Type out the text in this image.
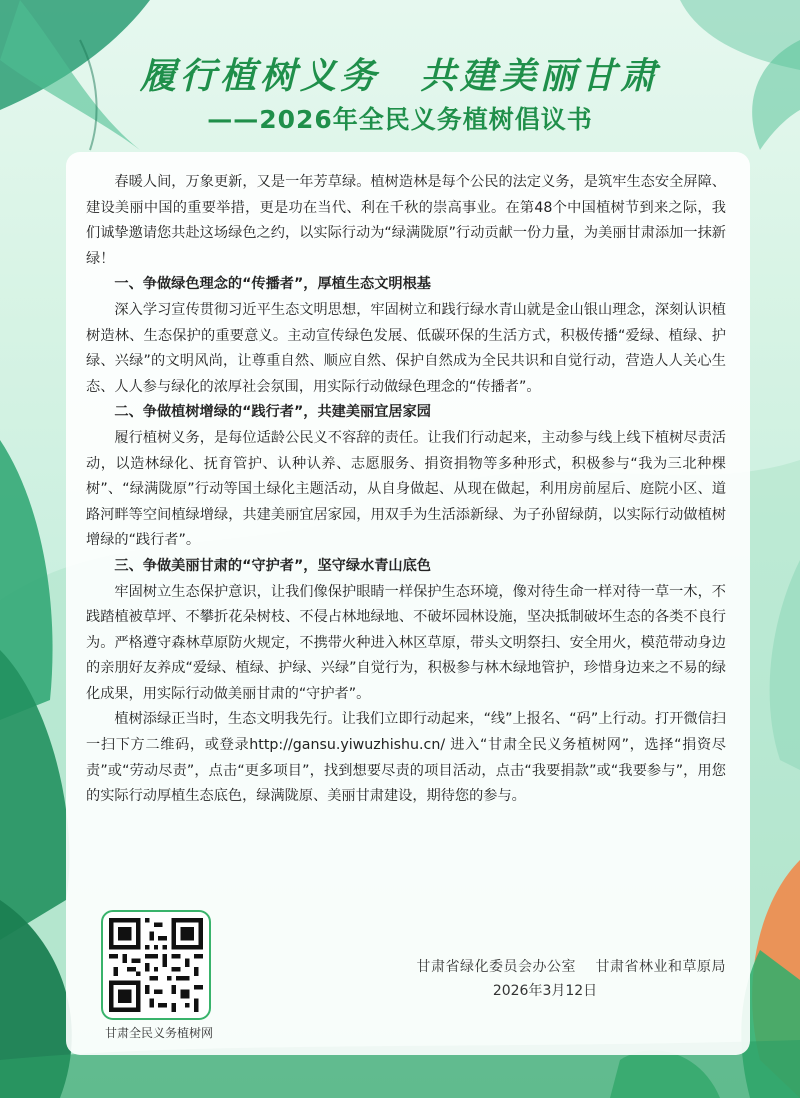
履行植树义务　共建美丽甘肃
——2026年全民义务植树倡议书

春暖人间，万象更新，又是一年芳草绿。植树造林是每个公民的法定义务，是筑牢生态安全屏障、建设美丽中国的重要举措，更是功在当代、利在千秋的崇高事业。在第48个中国植树节到来之际，我们诚挚邀请您共赴这场绿色之约，以实际行动为“绿满陇原”行动贡献一份力量，为美丽甘肃添加一抹新绿！

一、争做绿色理念的“传播者”，厚植生态文明根基

深入学习宣传贯彻习近平生态文明思想，牢固树立和践行绿水青山就是金山银山理念，深刻认识植树造林、生态保护的重要意义。主动宣传绿色发展、低碳环保的生活方式，积极传播“爱绿、植绿、护绿、兴绿”的文明风尚，让尊重自然、顺应自然、保护自然成为全民共识和自觉行动，营造人人关心生态、人人参与绿化的浓厚社会氛围，用实际行动做绿色理念的“传播者”。

二、争做植树增绿的“践行者”，共建美丽宜居家园

履行植树义务，是每位适龄公民义不容辞的责任。让我们行动起来，主动参与线上线下植树尽责活动，以造林绿化、抚育管护、认种认养、志愿服务、捐资捐物等多种形式，积极参与“我为三北种棵树”、“绿满陇原”行动等国土绿化主题活动，从自身做起、从现在做起，利用房前屋后、庭院小区、道路河畔等空间植绿增绿，共建美丽宜居家园，用双手为生活添新绿、为子孙留绿荫，以实际行动做植树增绿的“践行者”。

三、争做美丽甘肃的“守护者”，坚守绿水青山底色

牢固树立生态保护意识，让我们像保护眼睛一样保护生态环境，像对待生命一样对待一草一木，不践踏植被草坪、不攀折花朵树枝、不侵占林地绿地、不破坏园林设施，坚决抵制破坏生态的各类不良行为。严格遵守森林草原防火规定，不携带火种进入林区草原，带头文明祭扫、安全用火，模范带动身边的亲朋好友养成“爱绿、植绿、护绿、兴绿”自觉行为，积极参与林木绿地管护，珍惜身边来之不易的绿化成果，用实际行动做美丽甘肃的“守护者”。

植树添绿正当时，生态文明我先行。让我们立即行动起来，“线”上报名、“码”上行动。打开微信扫一扫下方二维码，或登录http://gansu.yiwuzhishu.cn/ 进入“甘肃全民义务植树网”，选择“捐资尽责”或“劳动尽责”，点击“更多项目”，找到想要尽责的项目活动，点击“我要捐款”或“我要参与”，用您的实际行动厚植生态底色，绿满陇原、美丽甘肃建设，期待您的参与。

甘肃全民义务植树网
甘肃省绿化委员会办公室　 甘肃省林业和草原局
2026年3月12日
